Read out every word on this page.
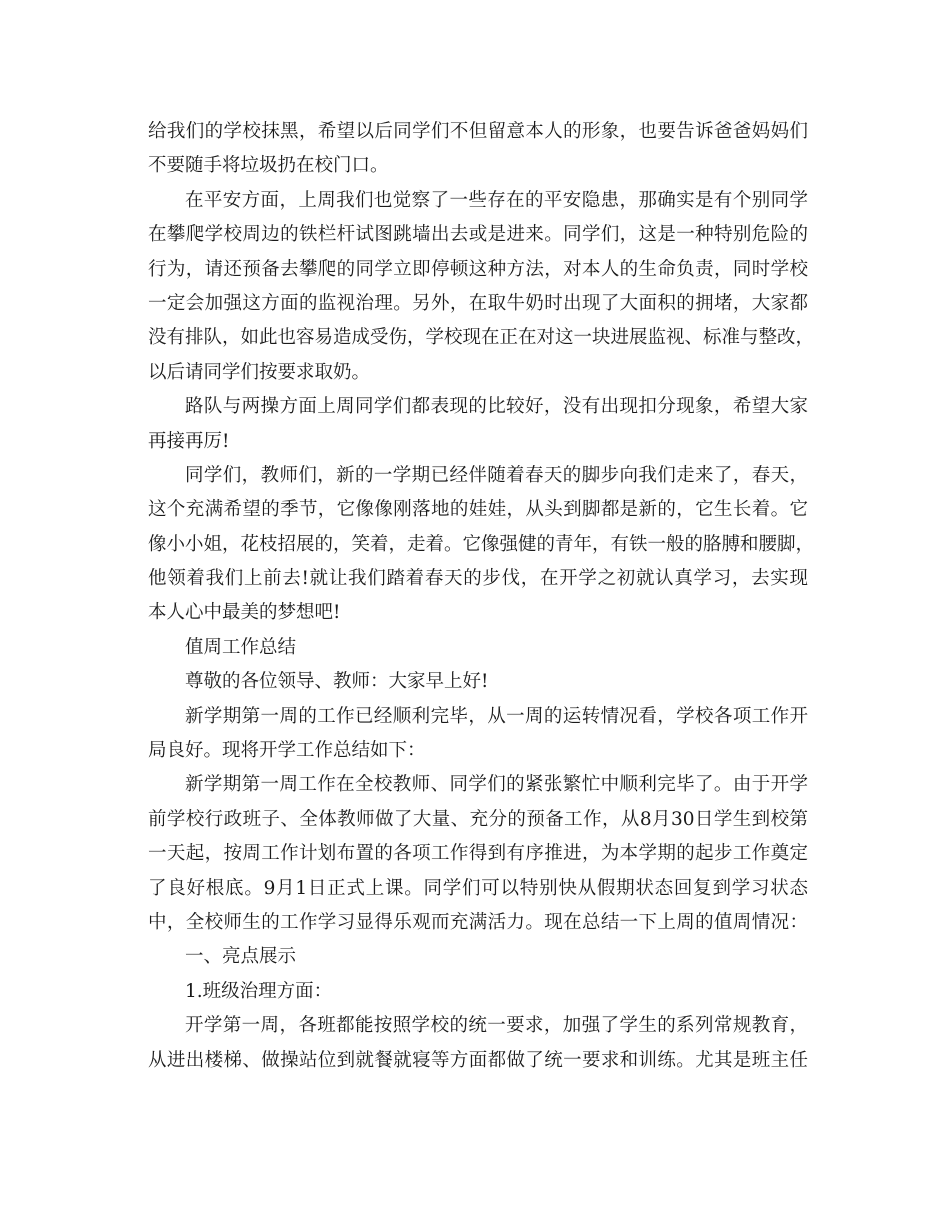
给我们的学校抹黑，希望以后同学们不但留意本人的形象，也要告诉爸爸妈妈们
不要随手将垃圾扔在校门口。
在平安方面，上周我们也觉察了一些存在的平安隐患，那确实是有个别同学
在攀爬学校周边的铁栏杆试图跳墙出去或是进来。同学们，这是一种特别危险的
行为，请还预备去攀爬的同学立即停顿这种方法，对本人的生命负责，同时学校
一定会加强这方面的监视治理。另外，在取牛奶时出现了大面积的拥堵，大家都
没有排队，如此也容易造成受伤，学校现在正在对这一块进展监视、标准与整改，
以后请同学们按要求取奶。
路队与两操方面上周同学们都表现的比较好，没有出现扣分现象，希望大家
再接再厉!
同学们，教师们，新的一学期已经伴随着春天的脚步向我们走来了，春天，
这个充满希望的季节，它像像刚落地的娃娃，从头到脚都是新的，它生长着。它
像小小姐，花枝招展的，笑着，走着。它像强健的青年，有铁一般的胳膊和腰脚，
他领着我们上前去!就让我们踏着春天的步伐，在开学之初就认真学习，去实现
本人心中最美的梦想吧!
值周工作总结
尊敬的各位领导、教师：大家早上好!
新学期第一周的工作已经顺利完毕，从一周的运转情况看，学校各项工作开
局良好。现将开学工作总结如下：
新学期第一周工作在全校教师、同学们的紧张繁忙中顺利完毕了。由于开学
前学校行政班子、全体教师做了大量、充分的预备工作，从8月30日学生到校第
一天起，按周工作计划布置的各项工作得到有序推进，为本学期的起步工作奠定
了良好根底。9月1日正式上课。同学们可以特别快从假期状态回复到学习状态
中，全校师生的工作学习显得乐观而充满活力。现在总结一下上周的值周情况：
一、亮点展示
1.班级治理方面：
开学第一周，各班都能按照学校的统一要求，加强了学生的系列常规教育，
从进出楼梯、做操站位到就餐就寝等方面都做了统一要求和训练。尤其是班主任
